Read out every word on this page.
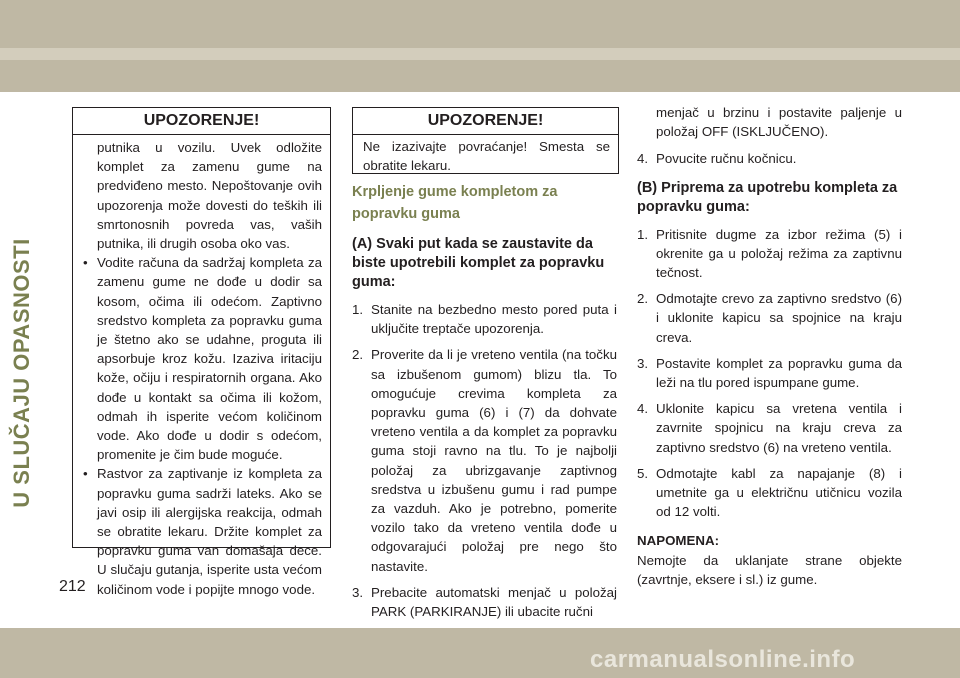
U SLUČAJU OPASNOSTI
UPOZORENJE!

putnika u vozilu. Uvek odložite komplet za zamenu gume na predviđeno mesto. Nepoštovanje ovih upozorenja može dovesti do teških ili smrtonosnih povreda vas, vaših putnika, ili drugih osoba oko vas.

• Vodite računa da sadržaj kompleta za zamenu gume ne dođe u dodir sa kosom, očima ili odećom. Zaptivno sredstvo kompleta za popravku guma je štetno ako se udahne, proguta ili apsorbuje kroz kožu. Izaziva iritaciju kože, očiju i respiratornih organa. Ako dođe u kontakt sa očima ili kožom, odmah ih isperite većom količinom vode. Ako dođe u dodir s odećom, promenite je čim bude moguće.

• Rastvor za zaptivanje iz kompleta za popravku guma sadrži lateks. Ako se javi osip ili alergijska reakcija, odmah se obratite lekaru. Držite komplet za popravku guma van domašaja dece. U slučaju gutanja, isperite usta većom količinom vode i popijte mnogo vode.

UPOZORENJE!

Ne izazivajte povraćanje! Smesta se obratite lekaru.

Krpljenje gume kompletom za popravku guma

(A) Svaki put kada se zaustavite da biste upotrebili komplet za popravku guma:

1. Stanite na bezbedno mesto pored puta i uključite treptače upozorenja.

2. Proverite da li je vreteno ventila (na točku sa izbušenom gumom) blizu tla. To omogućuje crevima kompleta za popravku guma (6) i (7) da dohvate vreteno ventila a da komplet za popravku guma stoji ravno na tlu. To je najbolji položaj za ubrizgavanje zaptivnog sredstva u izbušenu gumu i rad pumpe za vazduh. Ako je potrebno, pomerite vozilo tako da vreteno ventila dođe u odgovarajući položaj pre nego što nastavite.

3. Prebacite automatski menjač u položaj PARK (PARKIRANJE) ili ubacite ručni

menjač u brzinu i postavite paljenje u položaj OFF (ISKLJUČENO).

4. Povucite ručnu kočnicu.

(B) Priprema za upotrebu kompleta za popravku guma:

1. Pritisnite dugme za izbor režima (5) i okrenite ga u položaj režima za zaptivnu tečnost.

2. Odmotajte crevo za zaptivno sredstvo (6) i uklonite kapicu sa spojnice na kraju creva.

3. Postavite komplet za popravku guma da leži na tlu pored ispumpane gume.

4. Uklonite kapicu sa vretena ventila i zavrnite spojnicu na kraju creva za zaptivno sredstvo (6) na vreteno ventila.

5. Odmotajte kabl za napajanje (8) i umetnite ga u električnu utičnicu vozila od 12 volti.

NAPOMENA:

Nemojte da uklanjate strane objekte (zavrtnje, eksere i sl.) iz gume.

212
carmanualsonline.info
